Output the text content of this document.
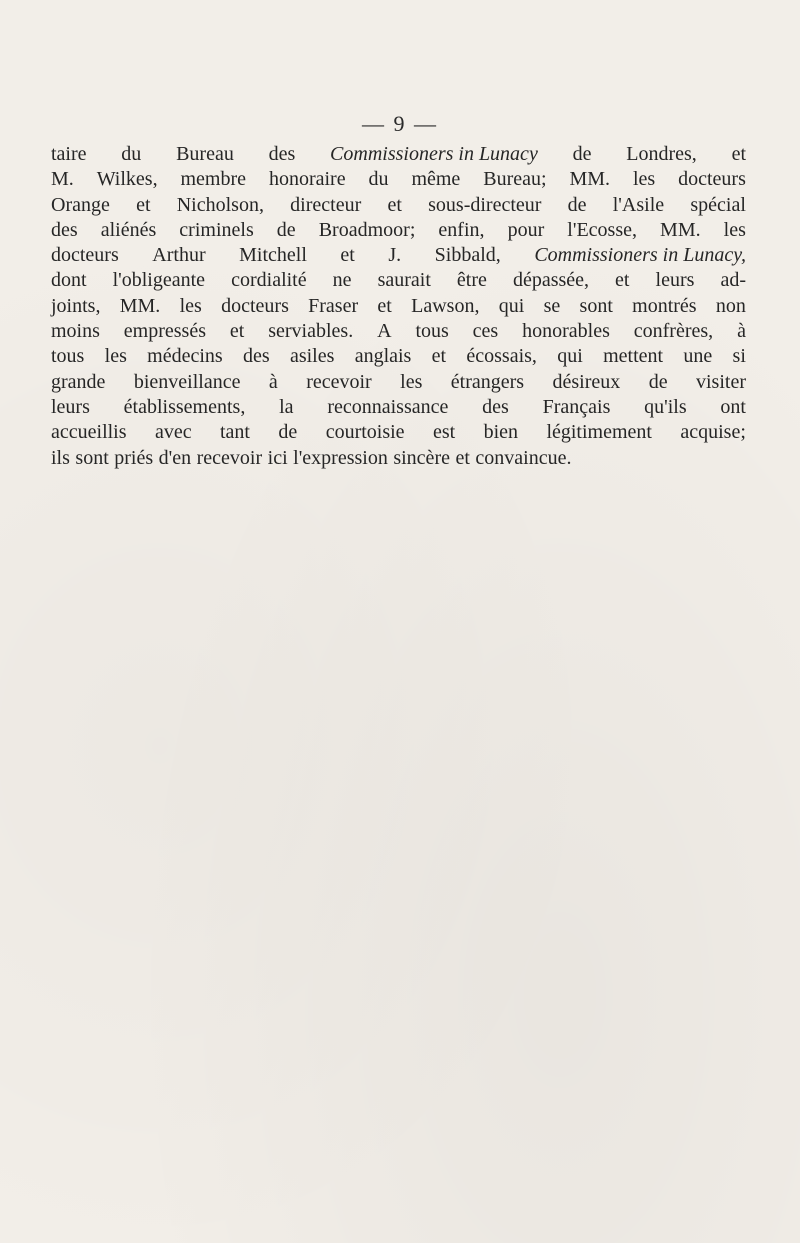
— 9 —
taire du Bureau des Commissioners in Lunacy de Londres, et
M. Wilkes, membre honoraire du même Bureau; MM. les docteurs
Orange et Nicholson, directeur et sous-directeur de l'Asile spécial
des aliénés criminels de Broadmoor; enfin, pour l'Ecosse, MM. les
docteurs Arthur Mitchell et J. Sibbald, Commissioners in Lunacy,
dont l'obligeante cordialité ne saurait être dépassée, et leurs ad-
joints, MM. les docteurs Fraser et Lawson, qui se sont montrés non
moins empressés et serviables. A tous ces honorables confrères, à
tous les médecins des asiles anglais et écossais, qui mettent une si
grande bienveillance à recevoir les étrangers désireux de visiter
leurs établissements, la reconnaissance des Français qu'ils ont
accueillis avec tant de courtoisie est bien légitimement acquise;
ils sont priés d'en recevoir ici l'expression sincère et convaincue.
